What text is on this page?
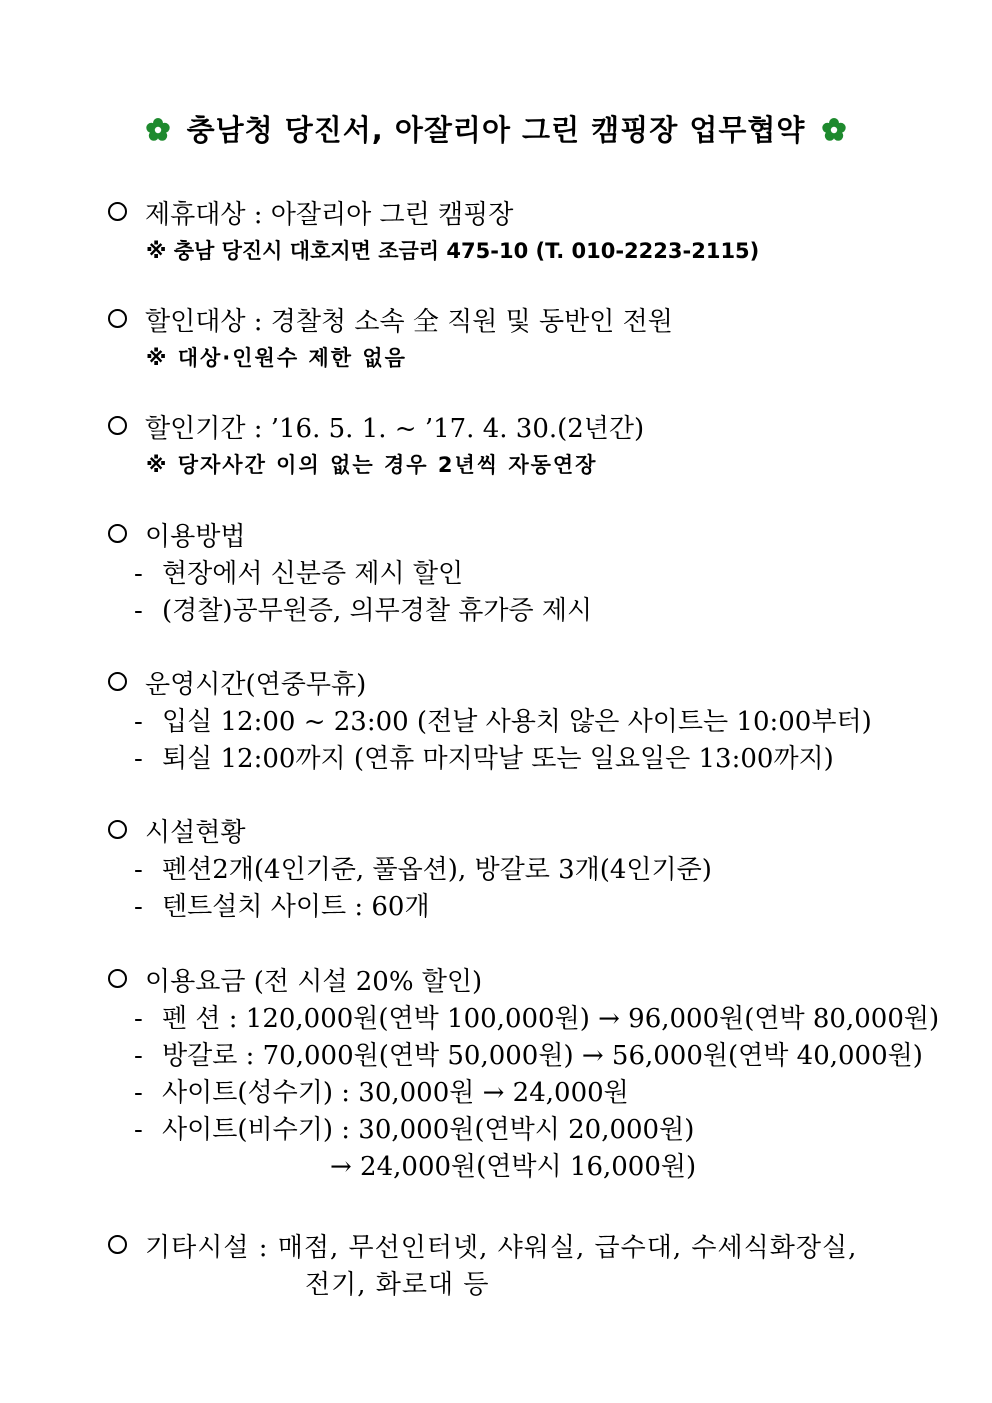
충남청 당진서, 아잘리아 그린 캠핑장 업무협약
제휴대상 : 아잘리아 그린 캠핑장
※ 충남 당진시 대호지면 조금리 475-10 (T. 010-2223-2115)
할인대상 : 경찰청 소속 全 직원 및 동반인 전원
※ 대상·인원수 제한 없음
할인기간 : ’16. 5. 1. ~ ’17. 4. 30.(2년간)
※ 당자사간 이의 없는 경우 2년씩 자동연장
이용방법
- 현장에서 신분증 제시 할인
- (경찰)공무원증, 의무경찰 휴가증 제시
운영시간(연중무휴)
- 입실 12:00 ~ 23:00 (전날 사용치 않은 사이트는 10:00부터)
- 퇴실 12:00까지 (연휴 마지막날 또는 일요일은 13:00까지)
시설현황
- 펜션2개(4인기준, 풀옵션), 방갈로 3개(4인기준)
- 텐트설치 사이트 : 60개
이용요금 (전 시설 20% 할인)
- 펜 션 : 120,000원(연박 100,000원) → 96,000원(연박 80,000원)
- 방갈로 : 70,000원(연박 50,000원) → 56,000원(연박 40,000원)
- 사이트(성수기) : 30,000원 → 24,000원
- 사이트(비수기) : 30,000원(연박시 20,000원)
→ 24,000원(연박시 16,000원)
기타시설 : 매점, 무선인터넷, 샤워실, 급수대, 수세식화장실,
전기, 화로대 등
